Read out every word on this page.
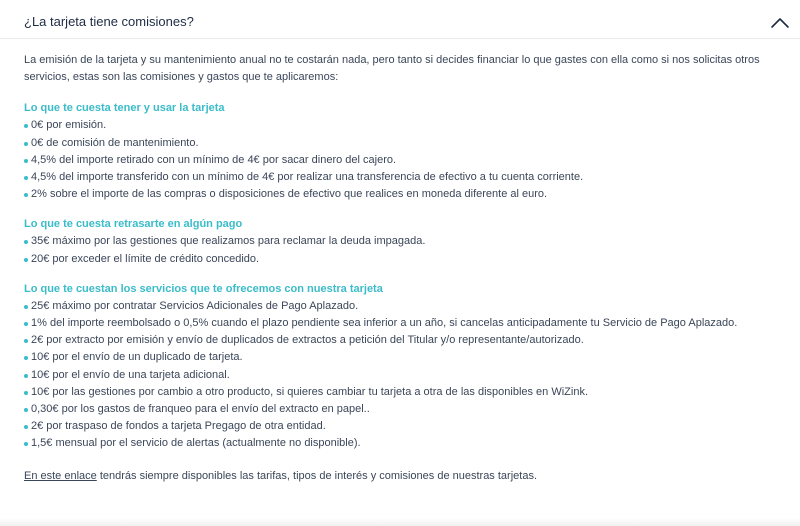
¿La tarjeta tiene comisiones?

La emisión de la tarjeta y su mantenimiento anual no te costarán nada, pero tanto si decides financiar lo que gastes con ella como si nos solicitas otros servicios, estas son las comisiones y gastos que te aplicaremos:

Lo que te cuesta tener y usar la tarjeta

0€ por emisión.
0€ de comisión de mantenimiento.
4,5% del importe retirado con un mínimo de 4€ por sacar dinero del cajero.
4,5% del importe transferido con un mínimo de 4€ por realizar una transferencia de efectivo a tu cuenta corriente.
2% sobre el importe de las compras o disposiciones de efectivo que realices en moneda diferente al euro.

Lo que te cuesta retrasarte en algún pago

35€ máximo por las gestiones que realizamos para reclamar la deuda impagada.
20€ por exceder el límite de crédito concedido.

Lo que te cuestan los servicios que te ofrecemos con nuestra tarjeta

25€ máximo por contratar Servicios Adicionales de Pago Aplazado.
1% del importe reembolsado o 0,5% cuando el plazo pendiente sea inferior a un año, si cancelas anticipadamente tu Servicio de Pago Aplazado.
2€ por extracto por emisión y envío de duplicados de extractos a petición del Titular y/o representante/autorizado.
10€ por el envío de un duplicado de tarjeta.
10€ por el envío de una tarjeta adicional.
10€ por las gestiones por cambio a otro producto, si quieres cambiar tu tarjeta a otra de las disponibles en WiZink.
0,30€ por los gastos de franqueo para el envío del extracto en papel..
2€ por traspaso de fondos a tarjeta Pregago de otra entidad.
1,5€ mensual por el servicio de alertas (actualmente no disponible).
En este enlace tendrás siempre disponibles las tarifas, tipos de interés y comisiones de nuestras tarjetas.
